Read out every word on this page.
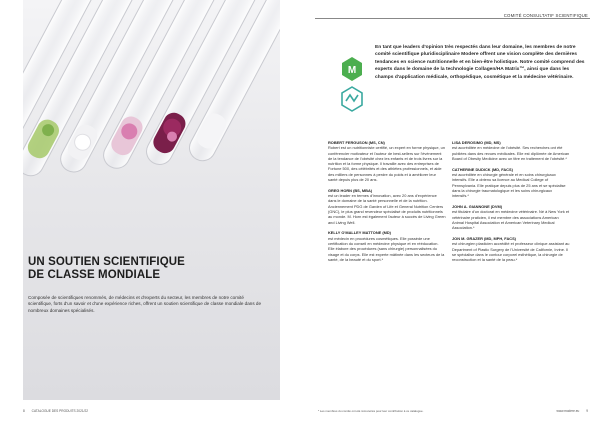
UN SOUTIEN SCIENTIFIQUE
DE CLASSE MONDIALE
Composée de scientifiques renommés, de médecins et d'experts du secteur, les membres de notre comité scientifique, forts d'un savoir et d'une expérience riches, offrent un soutien scientifique de classe mondiale dans de nombreux domaines spécialisés.
8 CATALOGUE DES PRODUITS 2021/22
COMITÉ CONSULTATIF SCIENTIFIQUE
M
En tant que leaders d'opinion très respectés dans leur domaine, les membres de notre comité scientifique pluridisciplinaire Modere offrent une vision complète des dernières tendances en science nutritionnelle et en bien-être holistique. Notre comité comprend des experts dans le domaine de la technologie Collagen/HA Matrix™, ainsi que dans les champs d'application médicale, orthopédique, cosmétique et la médecine vétérinaire.
ROBERT FERGUSON (MS, CN)
Robert est un nutritionniste certifié, un expert en forme physique, un conférencier motivateur et l'auteur de best-sellers sur l'événement de la tendance de l'obésité chez les enfants et de trois livres sur la nutrition et la forme physique. Il travaille avec des entreprises de Fortune 500, des célébrités et des athlètes professionnels, et aide des milliers de personnes à perdre du poids et à améliorer leur santé depuis plus de 20 ans.
GREG HORN (BS, MBA)
est un leader en termes d'innovation, avec 20 ans d'expérience dans le domaine de la santé personnelle et de la nutrition. Anciennement PDG de Garden of Life et General Nutrition Centers (GNC), le plus grand revendeur spécialisé de produits nutritionnels au monde. M. Horn est également l'auteur à succès de Living Green and Living Well.
KELLY O'MALLEY MATTONE (MD)
est médecin en procédures cosmétiques. Elle possède une certification du conseil en médecine physique et en rééducation. Elle élabore des procédures (sans chirurgie) personnalisées du visage et du corps. Elle est experte mâtinée dans les secteurs de la santé, de la beauté et du sport.*
LISA DEROSIMO (MD, MS)
est accréditée en médecine de l'obésité. Ses recherches ont été publiées dans des revues médicales. Elle est diplômée de American Board of Obesity Medicine avec un titre en traitement de l'obésité.*
CATHERINE DUDICK (MD, FACS)
est accréditée en chirurgie générale et en soins chirurgicaux intensifs. Elle a obtenu sa licence au Medical College of Pennsylvania. Elle pratique depuis plus de 25 ans et se spécialise dans la chirurgie traumatologique et les soins chirurgicaux intensifs.*
JOHN A. GIANNONE (DVM)
est titulaire d'un doctorat en médecine vétérinaire. Né à New York et vétérinaire praticien, il est membre des associations American Animal Hospital Association et American Veterinary Medical Association.*
JON M. GRAZER (MD, MPH, FACS)
est chirurgien plasticien accrédité et professeur clinique assistant au Department of Plastic Surgery de l'Université de Californie, Irvine. Il se spécialise dans le contour corporel esthétique, la chirurgie de reconstruction et la santé de la peau.*
* Les membres du comité ont été rémunérés pour leur contribution à ce catalogue.	www.modere.eu 9
